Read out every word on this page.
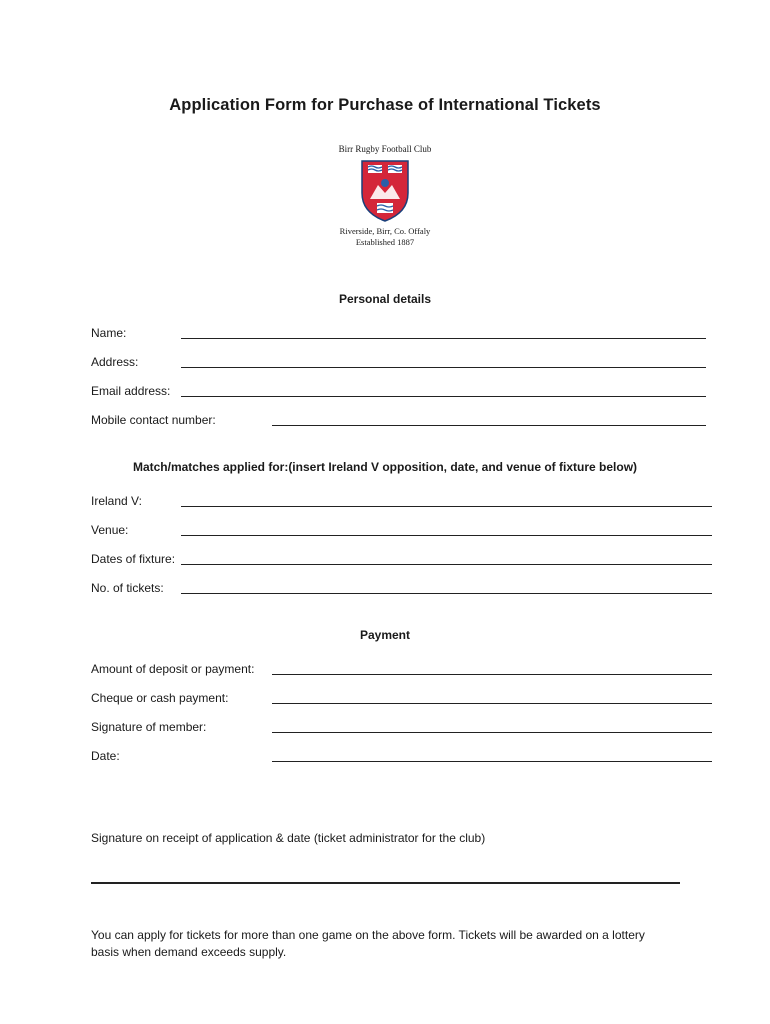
Application Form for Purchase of International Tickets
Birr Rugby Football Club
Riverside, Birr, Co. Offaly
Established 1887
Personal details
Name:
Address:
Email address:
Mobile contact number:
Match/matches applied for:(insert Ireland V opposition, date, and venue of fixture below)
Ireland V:
Venue:
Dates of fixture:
No. of tickets:
Payment
Amount of deposit or payment:
Cheque or cash payment:
Signature of member:
Date:
Signature on receipt of application & date (ticket administrator for the club)
You can apply for tickets for more than one game on the above form. Tickets will be awarded on a lottery basis when demand exceeds supply.
